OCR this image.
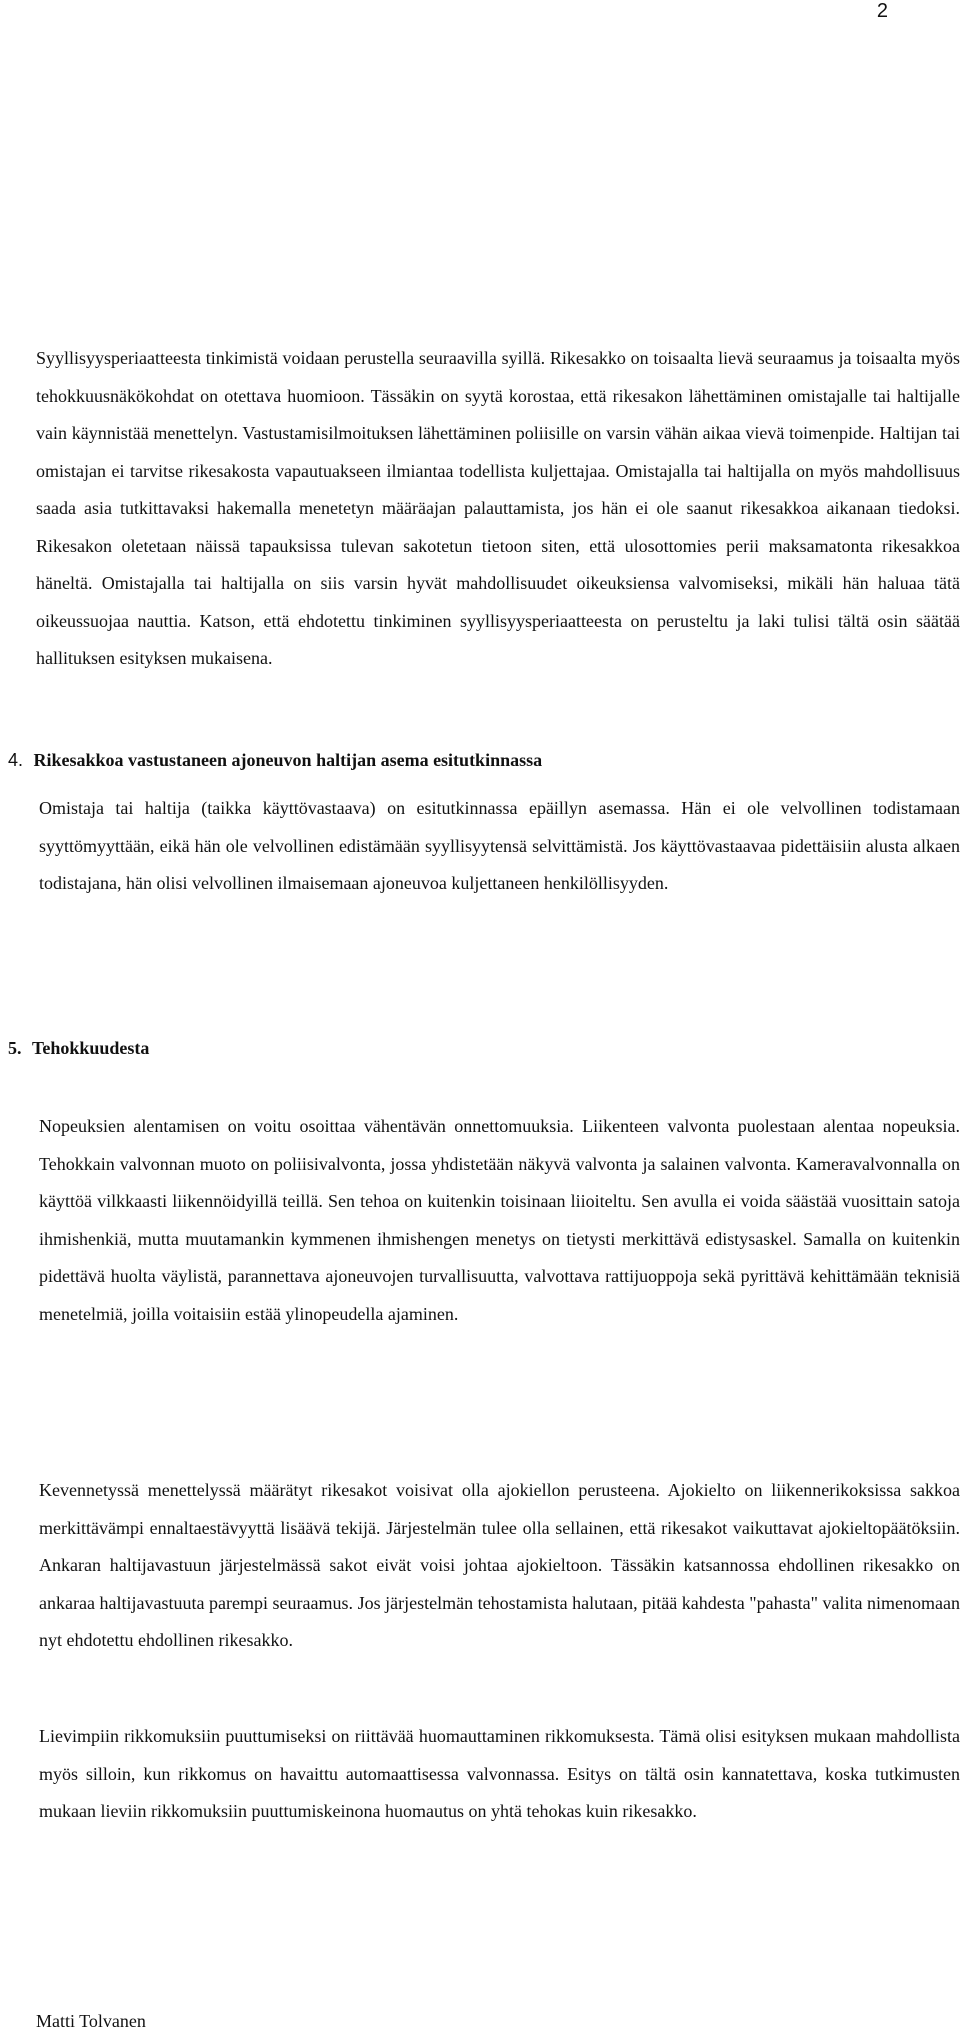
2

Syyllisyysperiaatteesta tinkimistä voidaan perustella seuraavilla syillä. Rikesakko on toisaalta lievä seuraamus ja toisaalta myös tehokkuusnäkökohdat on otettava huomioon. Tässäkin on syytä korostaa, että rikesakon lähettäminen omistajalle tai haltijalle vain käynnistää menettelyn. Vastustamisilmoituksen lähettäminen poliisille on varsin vähän aikaa vievä toimenpide. Haltijan tai omistajan ei tarvitse rikesakosta vapautuakseen ilmiantaa todellista kuljettajaa. Omistajalla tai haltijalla on myös mahdollisuus saada asia tutkittavaksi hakemalla menetetyn määräajan palauttamista, jos hän ei ole saanut rikesakkoa aikanaan tiedoksi. Rikesakon oletetaan näissä tapauksissa tulevan sakotetun tietoon siten, että ulosottomies perii maksamatonta rikesakkoa häneltä. Omistajalla tai haltijalla on siis varsin hyvät mahdollisuudet oikeuksiensa valvomiseksi, mikäli hän haluaa tätä oikeussuojaa nauttia. Katson, että ehdotettu tinkiminen syyllisyysperiaatteesta on perusteltu ja laki tulisi tältä osin säätää hallituksen esityksen mukaisena.

4. Rikesakkoa vastustaneen ajoneuvon haltijan asema esitutkinnassa

Omistaja tai haltija (taikka käyttövastaava) on esitutkinnassa epäillyn asemassa. Hän ei ole velvollinen todistamaan syyttömyyttään, eikä hän ole velvollinen edistämään syyllisyytensä selvittämistä. Jos käyttövastaavaa pidettäisiin alusta alkaen todistajana, hän olisi velvollinen ilmaisemaan ajoneuvoa kuljettaneen henkilöllisyyden.

5. Tehokkuudesta

Nopeuksien alentamisen on voitu osoittaa vähentävän onnettomuuksia. Liikenteen valvonta puolestaan alentaa nopeuksia. Tehokkain valvonnan muoto on poliisivalvonta, jossa yhdistetään näkyvä valvonta ja salainen valvonta. Kameravalvonnalla on käyttöä vilkkaasti liikennöidyillä teillä. Sen tehoa on kuitenkin toisinaan liioiteltu. Sen avulla ei voida säästää vuosittain satoja ihmishenkiä, mutta muutamankin kymmenen ihmishengen menetys on tietysti merkittävä edistysaskel. Samalla on kuitenkin pidettävä huolta väylistä, parannettava ajoneuvojen turvallisuutta, valvottava rattijuoppoja sekä pyrittävä kehittämään teknisiä menetelmiä, joilla voitaisiin estää ylinopeudella ajaminen.

Kevennetyssä menettelyssä määrätyt rikesakot voisivat olla ajokiellon perusteena. Ajokielto on liikennerikoksissa sakkoa merkittävämpi ennaltaestävyyttä lisäävä tekijä. Järjestelmän tulee olla sellainen, että rikesakot vaikuttavat ajokieltopäätöksiin. Ankaran haltijavastuun järjestelmässä sakot eivät voisi johtaa ajokieltoon. Tässäkin katsannossa ehdollinen rikesakko on ankaraa haltijavastuuta parempi seuraamus. Jos järjestelmän tehostamista halutaan, pitää kahdesta "pahasta" valita nimenomaan nyt ehdotettu ehdollinen rikesakko.

Lievimpiin rikkomuksiin puuttumiseksi on riittävää huomauttaminen rikkomuksesta. Tämä olisi esityksen mukaan mahdollista myös silloin, kun rikkomus on havaittu automaattisessa valvonnassa. Esitys on tältä osin kannatettava, koska tutkimusten mukaan lieviin rikkomuksiin puuttumiskeinona huomautus on yhtä tehokas kuin rikesakko.

Matti Tolvanen
